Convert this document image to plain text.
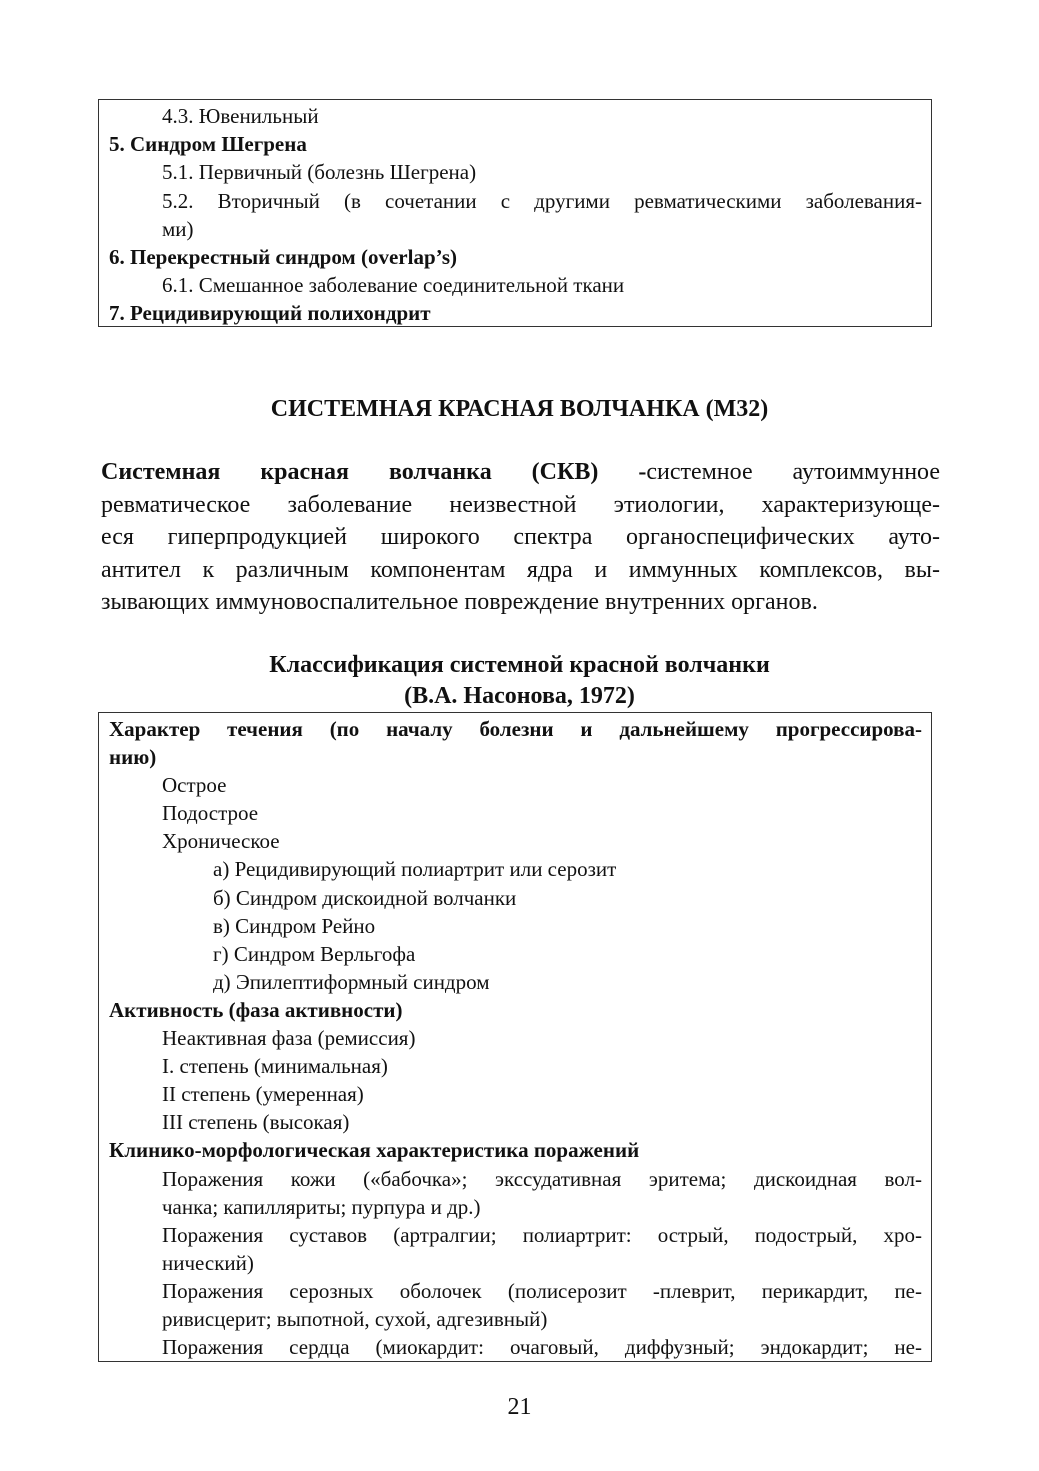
4.3. Ювенильный
5. Синдром Шегрена
5.1. Первичный (болезнь Шегрена)
5.2. Вторичный (в сочетании с другими ревматическими заболевания-
ми)
6. Перекрестный синдром (overlap’s)
6.1. Смешанное заболевание соединительной ткани
7. Рецидивирующий полихондрит
СИСТЕМНАЯ КРАСНАЯ ВОЛЧАНКА (М32)
Системная красная волчанка (СКВ) -системное аутоиммунное
ревматическое заболевание неизвестной этиологии, характеризующе-
еся гиперпродукцией широкого спектра органоспецифических ауто-
антител к различным компонентам ядра и иммунных комплексов, вы-
зывающих иммуновоспалительное повреждение внутренних органов.
Классификация системной красной волчанки
(В.А. Насонова, 1972)
Характер течения (по началу болезни и дальнейшему прогрессирова-
нию)
Острое
Подострое
Хроническое
а) Рецидивирующий полиартрит или серозит
б) Синдром дискоидной волчанки
в) Синдром Рейно
г) Синдром Верльгофа
д) Эпилептиформный синдром
Активность (фаза активности)
Неактивная фаза (ремиссия)
I. степень (минимальная)
II степень (умеренная)
III степень (высокая)
Клинико-морфологическая характеристика поражений
Поражения кожи («бабочка»; экссудативная эритема; дискоидная вол-
чанка; капилляриты; пурпура и др.)
Поражения суставов (артралгии; полиартрит: острый, подострый, хро-
нический)
Поражения серозных оболочек (полисерозит -плеврит, перикардит, пе-
ривисцерит; выпотной, сухой, адгезивный)
Поражения сердца (миокардит: очаговый, диффузный; эндокардит; не-
21
